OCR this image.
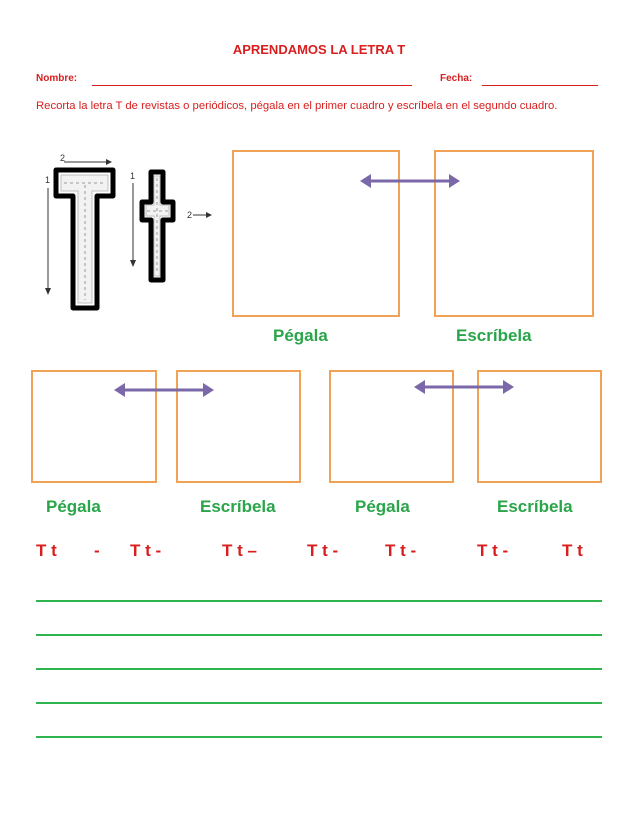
APRENDAMOS LA LETRA T
Nombre:	Fecha:
Recorta la letra T de revistas o periódicos, pégala en el primer cuadro y escríbela en el segundo cuadro.
2
1	1
2
Pégala	Escríbela
Pégala	Escríbela	Pégala	Escríbela
T t - T t -	T t –	T t -	T t -	T t -	T t
